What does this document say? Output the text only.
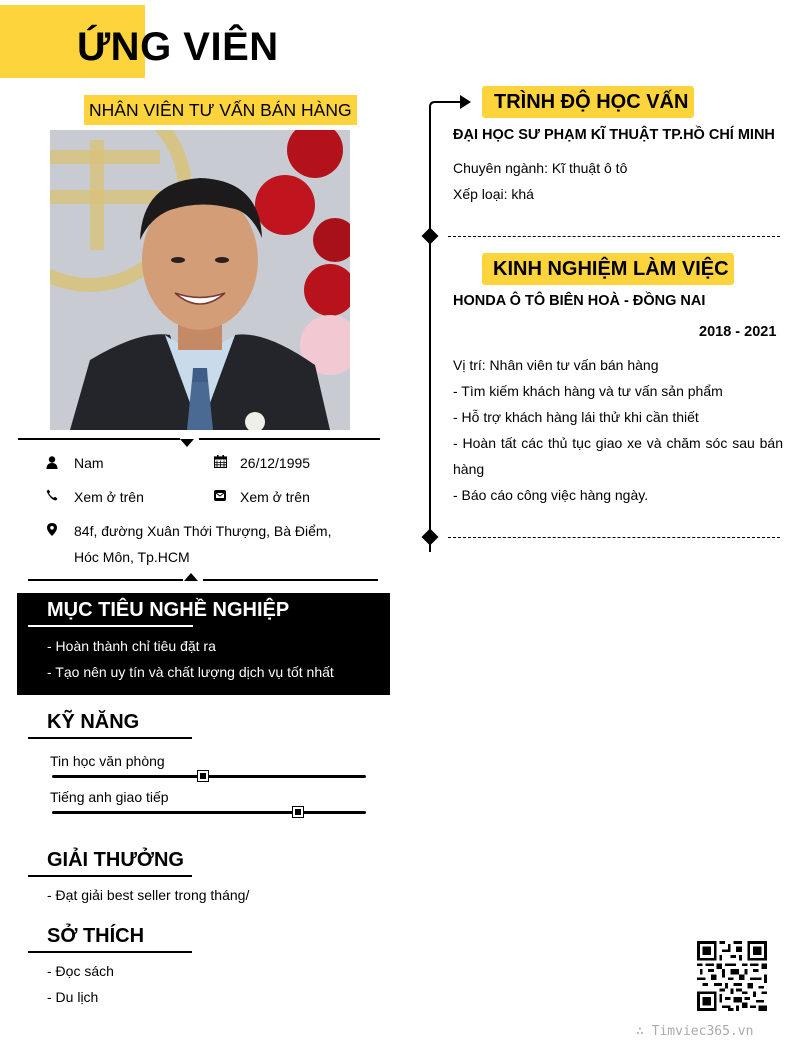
ỨNG VIÊN
NHÂN VIÊN TƯ VẤN BÁN HÀNG
Nam	26/12/1995
Xem ở trên	Xem ở trên
84f, đường Xuân Thới Thượng, Bà Điểm,
Hóc Môn, Tp.HCM
MỤC TIÊU NGHỀ NGHIỆP
- Hoàn thành chỉ tiêu đặt ra
- Tạo nên uy tín và chất lượng dịch vụ tốt nhất
KỸ NĂNG
Tin học văn phòng
Tiếng anh giao tiếp
GIẢI THƯỞNG
- Đạt giải best seller trong tháng/
SỞ THÍCH
- Đọc sách
- Du lịch
TRÌNH ĐỘ HỌC VẤN
ĐẠI HỌC SƯ PHẠM KĨ THUẬT TP.HỒ CHÍ MINH
Chuyên ngành: Kĩ thuật ô tô
Xếp loại: khá
KINH NGHIỆM LÀM VIỆC
HONDA Ô TÔ BIÊN HOÀ - ĐỒNG NAI
2018 - 2021
Vị trí: Nhân viên tư vấn bán hàng
- Tìm kiếm khách hàng và tư vấn sản phẩm
- Hỗ trợ khách hàng lái thử khi cần thiết
- Hoàn tất các thủ tục giao xe và chăm sóc sau bán hàng
- Báo cáo công việc hàng ngày.
∴ Timviec365.vn
